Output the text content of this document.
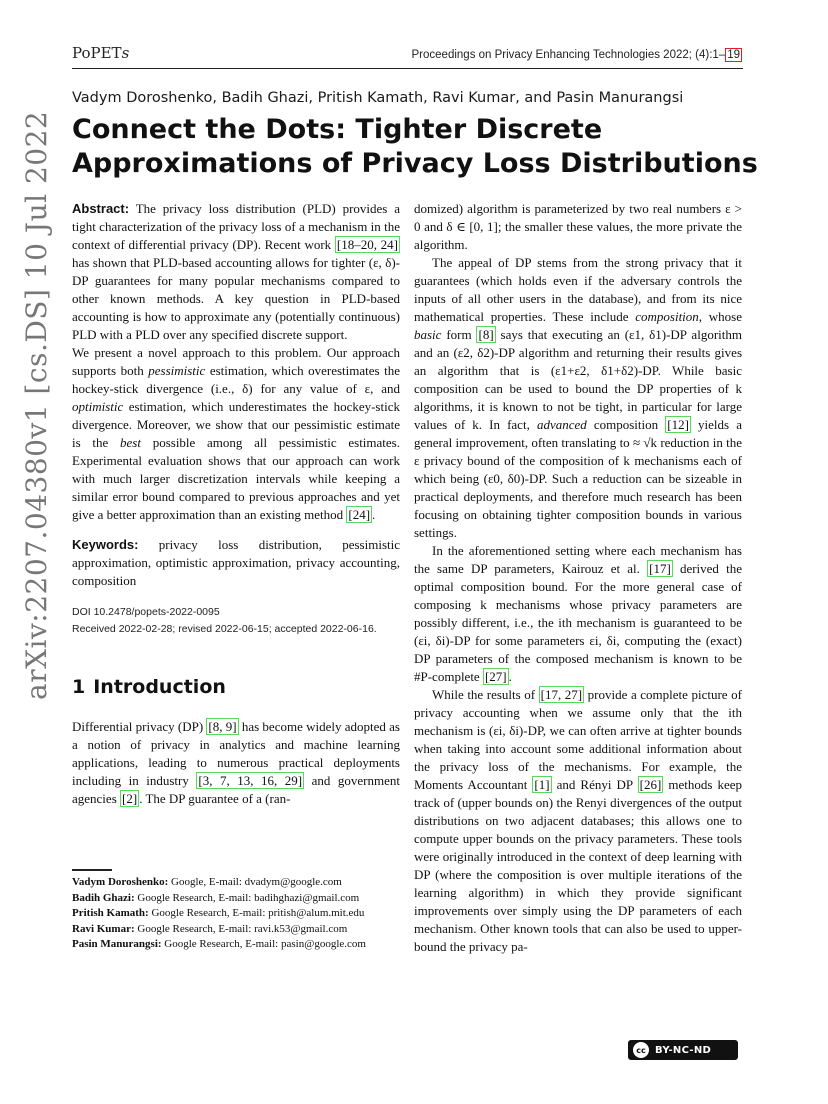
PoPETs	Proceedings on Privacy Enhancing Technologies 2022; (4):1– 19
Vadym Doroshenko, Badih Ghazi, Pritish Kamath, Ravi Kumar, and Pasin Manurangsi
Connect the Dots: Tighter Discrete
Approximations of Privacy Loss Distributions
arXiv:2207.04380v1 [cs.DS] 10 Jul 2022 Abstract: The privacy loss distribution (PLD) provides a tight characterization of the privacy loss of a mechanism in the context of differential privacy (DP). Recent work [18–20, 24] has shown that PLD-based accounting allows for tighter (ε, δ)-DP guarantees for many popular mechanisms compared to other known methods. A key question in PLD-based accounting is how to approximate any (potentially continuous) PLD with a PLD over any specified discrete support.

We present a novel approach to this problem. Our approach supports both pessimistic estimation, which overestimates the hockey-stick divergence (i.e., δ) for any value of ε, and optimistic estimation, which underestimates the hockey-stick divergence. Moreover, we show that our pessimistic estimate is the best possible among all pessimistic estimates. Experimental evaluation shows that our approach can work with much larger discretization intervals while keeping a similar error bound compared to previous approaches and yet give a better approximation than an existing method [24] .

Keywords: privacy loss distribution, pessimistic approximation, optimistic approximation, privacy accounting, composition

DOI 10.2478/popets-2022-0095
Received 2022-02-28; revised 2022-06-15; accepted 2022-06-16.
1 Introduction

Differential privacy (DP) [8, 9] has become widely adopted as a notion of privacy in analytics and machine learning applications, leading to numerous practical deployments including in industry [3, 7, 13, 16, 29] and government agencies [2] . The DP guarantee of a (ran-

Vadym Doroshenko: Google, E-mail: dvadym@google.com
Badih Ghazi: Google Research, E-mail: badihghazi@gmail.com
Pritish Kamath: Google Research, E-mail: pritish@alum.mit.edu
Ravi Kumar: Google Research, E-mail: ravi.k53@gmail.com
Pasin Manurangsi: Google Research, E-mail: pasin@google.com

domized) algorithm is parameterized by two real numbers ε > 0 and δ ∈ [0, 1]; the smaller these values, the more private the algorithm.

The appeal of DP stems from the strong privacy that it guarantees (which holds even if the adversary controls the inputs of all other users in the database), and from its nice mathematical properties. These include composition, whose basic form [8] says that executing an (ε1, δ1)-DP algorithm and an (ε2, δ2)-DP algorithm and returning their results gives an algorithm that is (ε1+ε2, δ1+δ2)-DP. While basic composition can be used to bound the DP properties of k algorithms, it is known to not be tight, in particular for large values of k. In fact, advanced composition [12] yields a general improvement, often translating to ≈ √k reduction in the ε privacy bound of the composition of k mechanisms each of which being (ε0, δ0)-DP. Such a reduction can be sizeable in practical deployments, and therefore much research has been focusing on obtaining tighter composition bounds in various settings.

In the aforementioned setting where each mechanism has the same DP parameters, Kairouz et al. [17] derived the optimal composition bound. For the more general case of composing k mechanisms whose privacy parameters are possibly different, i.e., the ith mechanism is guaranteed to be (εi, δi)-DP for some parameters εi, δi, computing the (exact) DP parameters of the composed mechanism is known to be #P-complete [27] .

While the results of [17, 27] provide a complete picture of privacy accounting when we assume only that the ith mechanism is (εi, δi)-DP, we can often arrive at tighter bounds when taking into account some additional information about the privacy loss of the mechanisms. For example, the Moments Accountant [1] and Rényi DP [26] methods keep track of (upper bounds on) the Renyi divergences of the output distributions on two adjacent databases; this allows one to compute upper bounds on the privacy parameters. These tools were originally introduced in the context of deep learning with DP (where the composition is over multiple iterations of the learning algorithm) in which they provide significant improvements over simply using the DP parameters of each mechanism. Other known tools that can also be used to upper-bound the privacy pa-

cc BY-NC-ND
